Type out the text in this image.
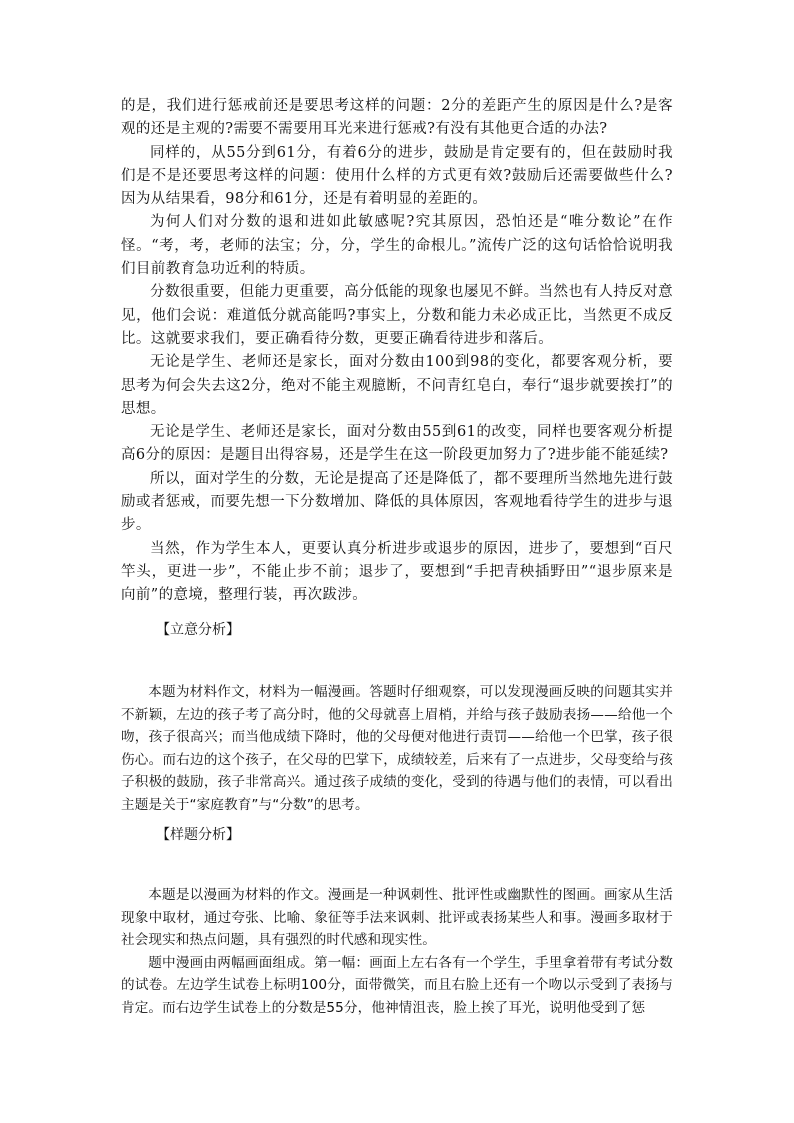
的是，我们进行惩戒前还是要思考这样的问题：2分的差距产生的原因是什么?是客观的还是主观的?需要不需要用耳光来进行惩戒?有没有其他更合适的办法?

同样的，从55分到61分，有着6分的进步，鼓励是肯定要有的，但在鼓励时我们是不是还要思考这样的问题：使用什么样的方式更有效?鼓励后还需要做些什么?因为从结果看，98分和61分，还是有着明显的差距的。

为何人们对分数的退和进如此敏感呢?究其原因，恐怕还是“唯分数论”在作怪。“考，考，老师的法宝；分，分，学生的命根儿。”流传广泛的这句话恰恰说明我们目前教育急功近利的特质。

分数很重要，但能力更重要，高分低能的现象也屡见不鲜。当然也有人持反对意见，他们会说：难道低分就高能吗?事实上，分数和能力未必成正比，当然更不成反比。这就要求我们，要正确看待分数，更要正确看待进步和落后。

无论是学生、老师还是家长，面对分数由100到98的变化，都要客观分析，要思考为何会失去这2分，绝对不能主观臆断，不问青红皂白，奉行“退步就要挨打”的思想。

无论是学生、老师还是家长，面对分数由55到61的改变，同样也要客观分析提高6分的原因：是题目出得容易，还是学生在这一阶段更加努力了?进步能不能延续?

所以，面对学生的分数，无论是提高了还是降低了，都不要理所当然地先进行鼓励或者惩戒，而要先想一下分数增加、降低的具体原因，客观地看待学生的进步与退步。

当然，作为学生本人，更要认真分析进步或退步的原因，进步了，要想到“百尺竿头，更进一步”，不能止步不前；退步了，要想到“手把青秧插野田”“退步原来是向前”的意境，整理行装，再次跋涉。

【立意分析】

本题为材料作文，材料为一幅漫画。答题时仔细观察，可以发现漫画反映的问题其实并不新颖，左边的孩子考了高分时，他的父母就喜上眉梢，并给与孩子鼓励表扬——给他一个吻，孩子很高兴；而当他成绩下降时，他的父母便对他进行责罚——给他一个巴掌，孩子很伤心。而右边的这个孩子，在父母的巴掌下，成绩较差，后来有了一点进步，父母变给与孩子积极的鼓励，孩子非常高兴。通过孩子成绩的变化，受到的待遇与他们的表情，可以看出主题是关于“家庭教育”与“分数”的思考。

【样题分析】

本题是以漫画为材料的作文。漫画是一种讽刺性、批评性或幽默性的图画。画家从生活现象中取材，通过夸张、比喻、象征等手法来讽刺、批评或表扬某些人和事。漫画多取材于社会现实和热点问题，具有强烈的时代感和现实性。

题中漫画由两幅画面组成。第一幅：画面上左右各有一个学生，手里拿着带有考试分数的试卷。左边学生试卷上标明100分，面带微笑，而且右脸上还有一个吻以示受到了表扬与肯定。而右边学生试卷上的分数是55分，他神情沮丧，脸上挨了耳光，说明他受到了惩
